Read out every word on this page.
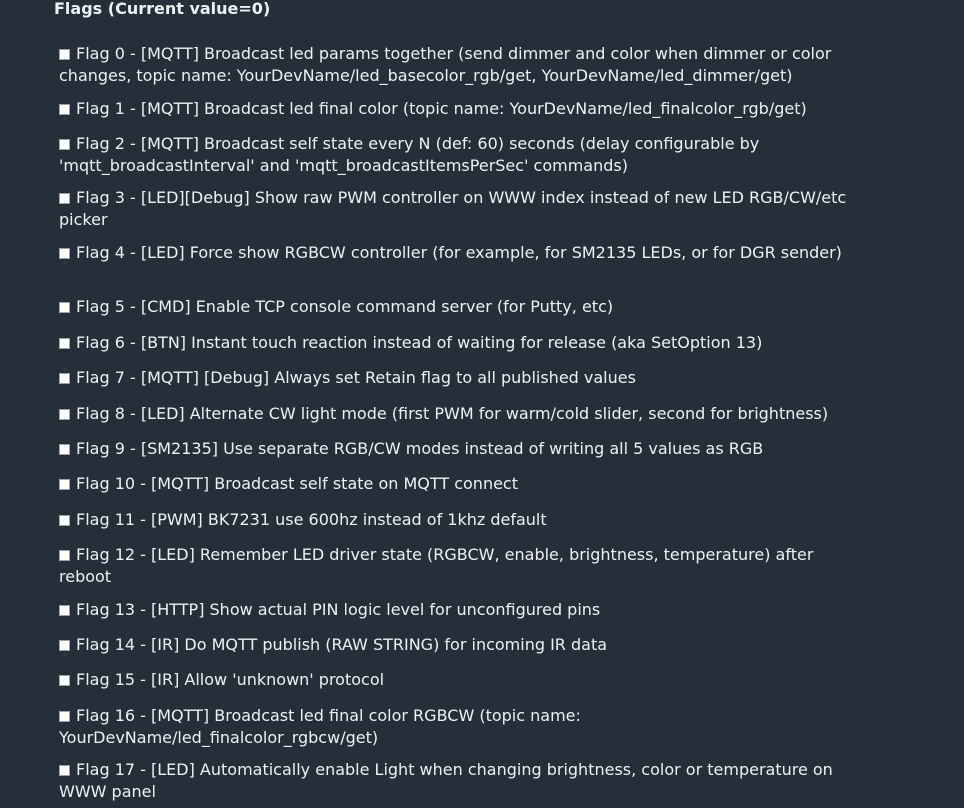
Flags (Current value=0)
Flag 0 - [MQTT] Broadcast led params together (send dimmer and color when dimmer or color changes, topic name: YourDevName/led_basecolor_rgb/get, YourDevName/led_dimmer/get)
Flag 1 - [MQTT] Broadcast led final color (topic name: YourDevName/led_finalcolor_rgb/get)
Flag 2 - [MQTT] Broadcast self state every N (def: 60) seconds (delay configurable by 'mqtt_broadcastInterval' and 'mqtt_broadcastItemsPerSec' commands)
Flag 3 - [LED][Debug] Show raw PWM controller on WWW index instead of new LED RGB/CW/etc picker
Flag 4 - [LED] Force show RGBCW controller (for example, for SM2135 LEDs, or for DGR sender)
Flag 5 - [CMD] Enable TCP console command server (for Putty, etc)
Flag 6 - [BTN] Instant touch reaction instead of waiting for release (aka SetOption 13)
Flag 7 - [MQTT] [Debug] Always set Retain flag to all published values
Flag 8 - [LED] Alternate CW light mode (first PWM for warm/cold slider, second for brightness)
Flag 9 - [SM2135] Use separate RGB/CW modes instead of writing all 5 values as RGB
Flag 10 - [MQTT] Broadcast self state on MQTT connect
Flag 11 - [PWM] BK7231 use 600hz instead of 1khz default
Flag 12 - [LED] Remember LED driver state (RGBCW, enable, brightness, temperature) after reboot
Flag 13 - [HTTP] Show actual PIN logic level for unconfigured pins
Flag 14 - [IR] Do MQTT publish (RAW STRING) for incoming IR data
Flag 15 - [IR] Allow 'unknown' protocol
Flag 16 - [MQTT] Broadcast led final color RGBCW (topic name: YourDevName/led_finalcolor_rgbcw/get)
Flag 17 - [LED] Automatically enable Light when changing brightness, color or temperature on WWW panel
